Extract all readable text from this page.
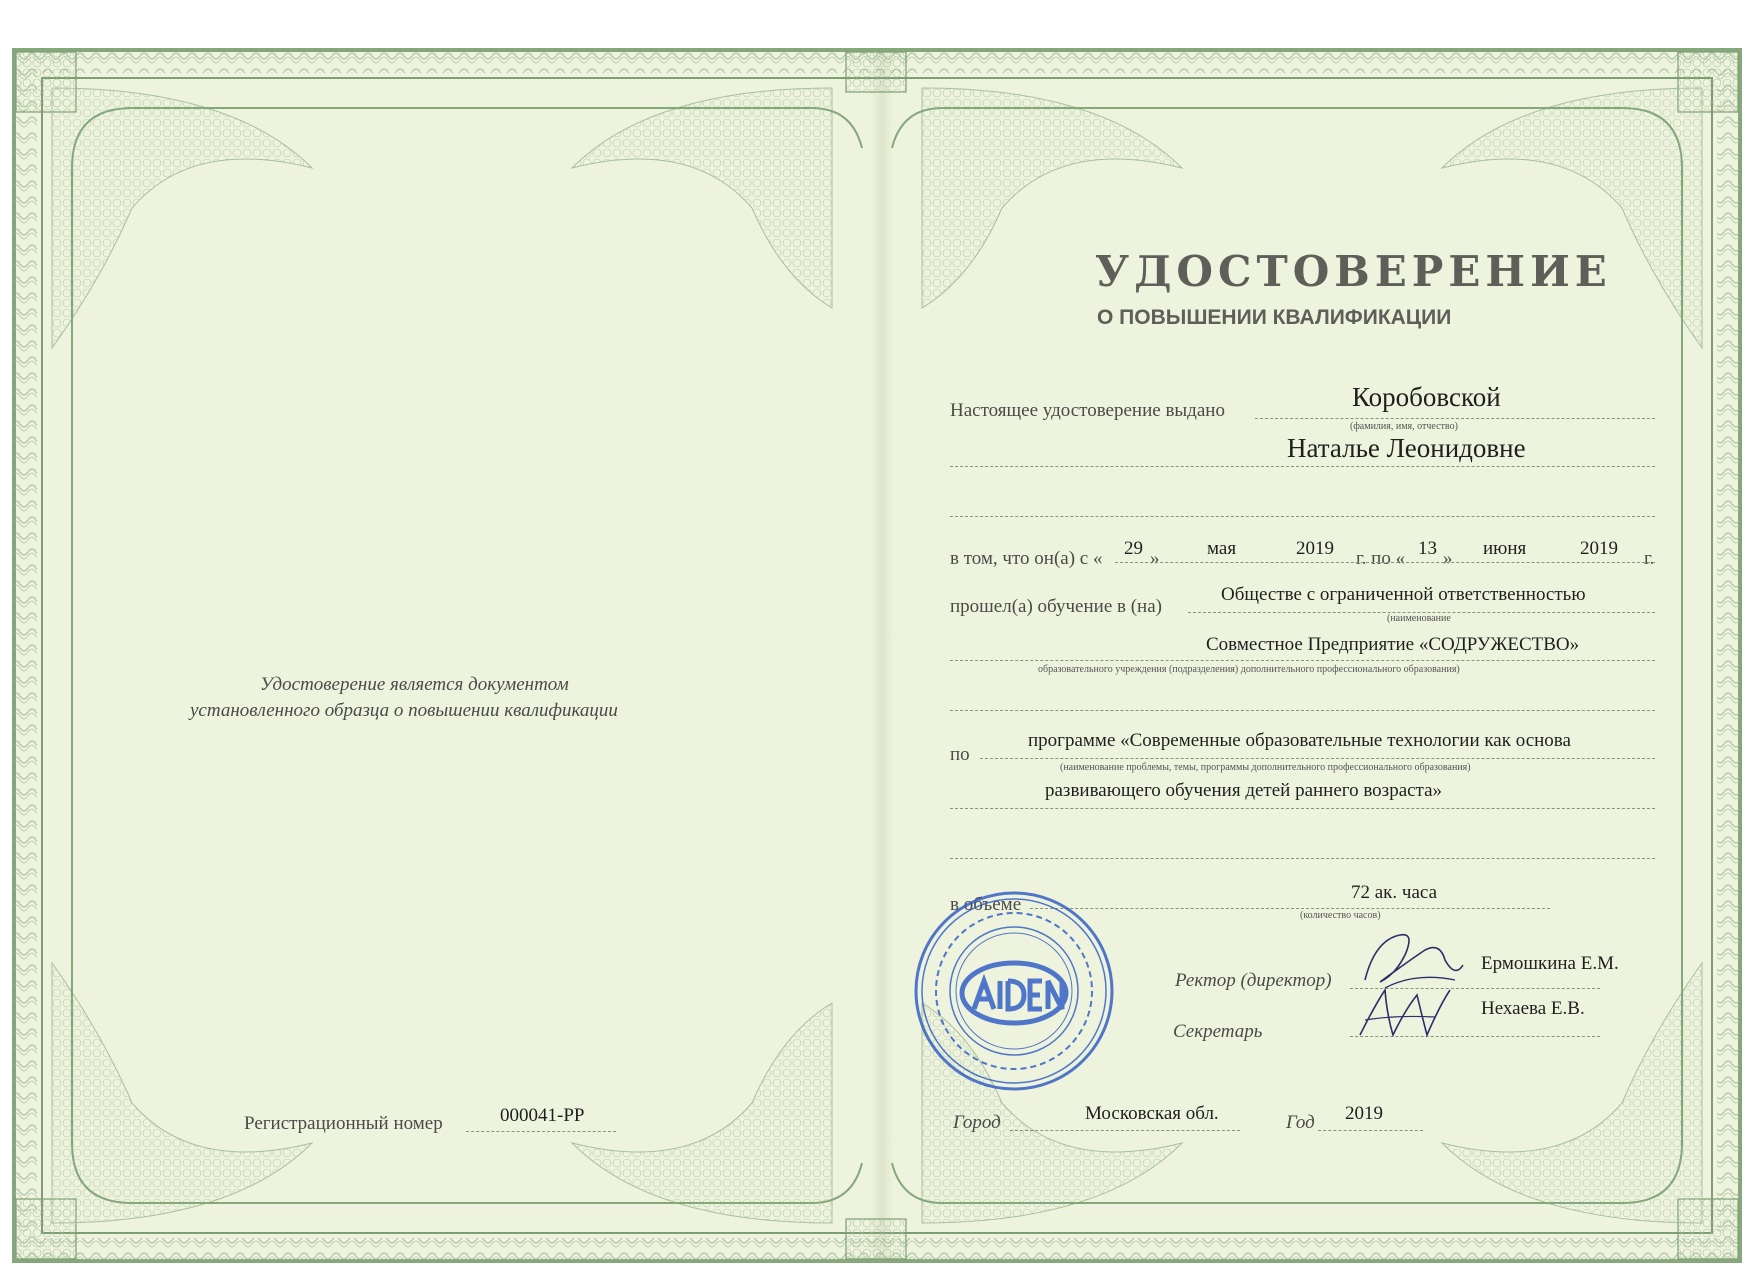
Удостоверение является документом
установленного образца о повышении квалификации
Регистрационный номер	000041-РР
УДОСТОВЕРЕНИЕ
О ПОВЫШЕНИИ КВАЛИФИКАЦИИ
Настоящее удостоверение выдано	Коробовской
(фамилия, имя, отчество)
Наталье Леонидовне
в том, что он(а) с « 29 »	мая	2019 г. по « 13 » июня	2019 г.
прошел(а) обучение в (на)
Обществе с ограниченной ответственностью
(наименование
Совместное Предприятие «СОДРУЖЕСТВО»
образовательного учреждения (подразделения) дополнительного профессионального образования)
по
программе «Современные образовательные технологии как основа
(наименование проблемы, темы, программы дополнительного профессионального образования)
развивающего обучения детей раннего возраста»
в объеме
72 ак. часа
(количество часов)
Ректор (директор)
Ермошкина Е.М.
Секретарь
Нехаева Е.В.
Город	Московская обл.	Год 2019
